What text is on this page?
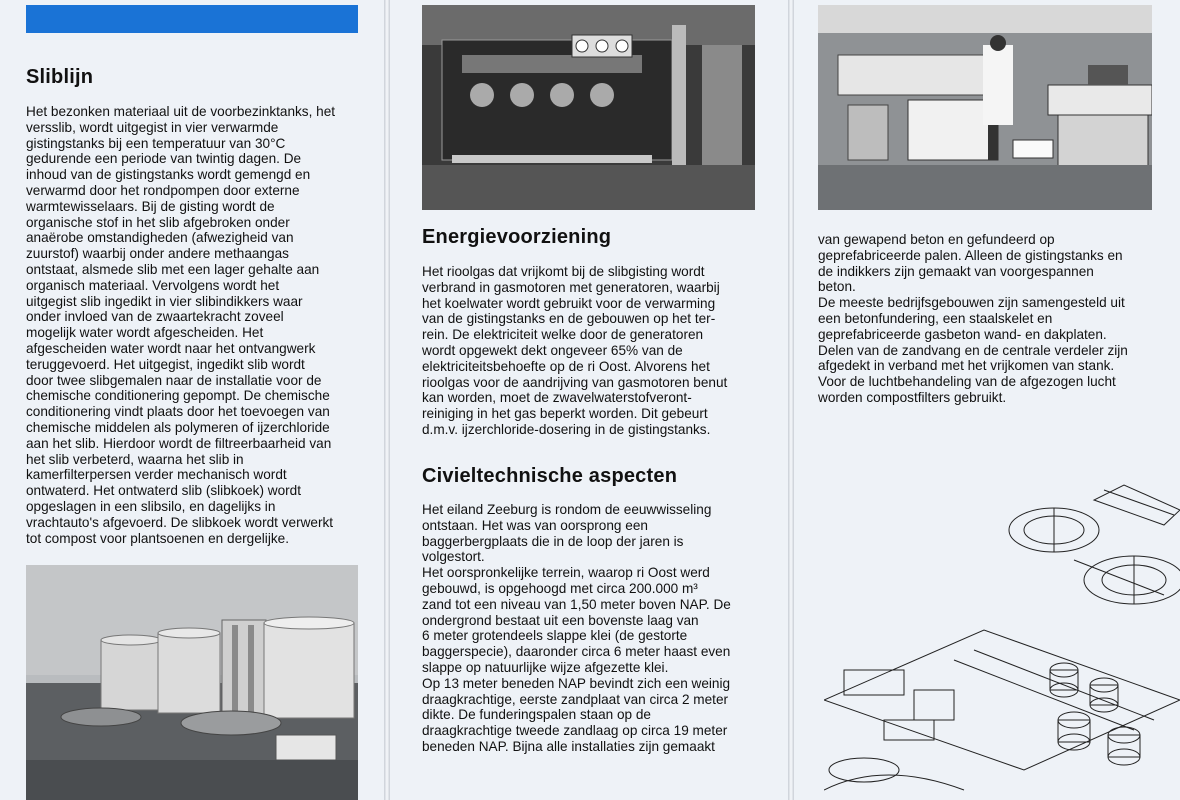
Sliblijn
Het bezonken materiaal uit de voorbezinktanks, het
versslib, wordt uitgegist in vier verwarmde
gistingstanks bij een temperatuur van 30°C
gedurende een periode van twintig dagen. De
inhoud van de gistingstanks wordt gemengd en
verwarmd door het rondpompen door externe
warmtewisselaars. Bij de gisting wordt de
organische stof in het slib afgebroken onder
anaërobe omstandigheden (afwezigheid van
zuurstof) waarbij onder andere methaangas
ontstaat, alsmede slib met een lager gehalte aan
organisch materiaal. Vervolgens wordt het
uitgegist slib ingedikt in vier slibindikkers waar
onder invloed van de zwaartekracht zoveel
mogelijk water wordt afgescheiden. Het
afgescheiden water wordt naar het ontvangwerk
teruggevoerd. Het uitgegist, ingedikt slib wordt
door twee slibgemalen naar de installatie voor de
chemische conditionering gepompt. De chemische
conditionering vindt plaats door het toevoegen van
chemische middelen als polymeren of ijzerchloride
aan het slib. Hierdoor wordt de filtreerbaarheid van
het slib verbeterd, waarna het slib in
kamerfilterpersen verder mechanisch wordt
ontwaterd. Het ontwaterd slib (slibkoek) wordt
opgeslagen in een slibsilo, en dagelijks in
vrachtauto's afgevoerd. De slibkoek wordt verwerkt
tot compost voor plantsoenen en dergelijke.
Energievoorziening
Het rioolgas dat vrijkomt bij de slibgisting wordt
verbrand in gasmotoren met generatoren, waarbij
het koelwater wordt gebruikt voor de verwarming
van de gistingstanks en de gebouwen op het ter-
rein. De elektriciteit welke door de generatoren
wordt opgewekt dekt ongeveer 65% van de
elektriciteitsbehoefte op de ri Oost. Alvorens het
rioolgas voor de aandrijving van gasmotoren benut
kan worden, moet de zwavelwaterstofveront-
reiniging in het gas beperkt worden. Dit gebeurt
d.m.v. ijzerchloride-dosering in de gistingstanks.
Civieltechnische aspecten
Het eiland Zeeburg is rondom de eeuwwisseling
ontstaan. Het was van oorsprong een
baggerbergplaats die in de loop der jaren is
volgestort.
Het oorspronkelijke terrein, waarop ri Oost werd
gebouwd, is opgehoogd met circa 200.000 m³
zand tot een niveau van 1,50 meter boven NAP. De
ondergrond bestaat uit een bovenste laag van
6 meter grotendeels slappe klei (de gestorte
baggerspecie), daaronder circa 6 meter haast even
slappe op natuurlijke wijze afgezette klei.
Op 13 meter beneden NAP bevindt zich een weinig
draagkrachtige, eerste zandplaat van circa 2 meter
dikte. De funderingspalen staan op de
draagkrachtige tweede zandlaag op circa 19 meter
beneden NAP. Bijna alle installaties zijn gemaakt
van gewapend beton en gefundeerd op
geprefabriceerde palen. Alleen de gistingstanks en
de indikkers zijn gemaakt van voorgespannen
beton.
De meeste bedrijfsgebouwen zijn samengesteld uit
een betonfundering, een staalskelet en
geprefabriceerde gasbeton wand- en dakplaten.
Delen van de zandvang en de centrale verdeler zijn
afgedekt in verband met het vrijkomen van stank.
Voor de luchtbehandeling van de afgezogen lucht
worden compostfilters gebruikt.
